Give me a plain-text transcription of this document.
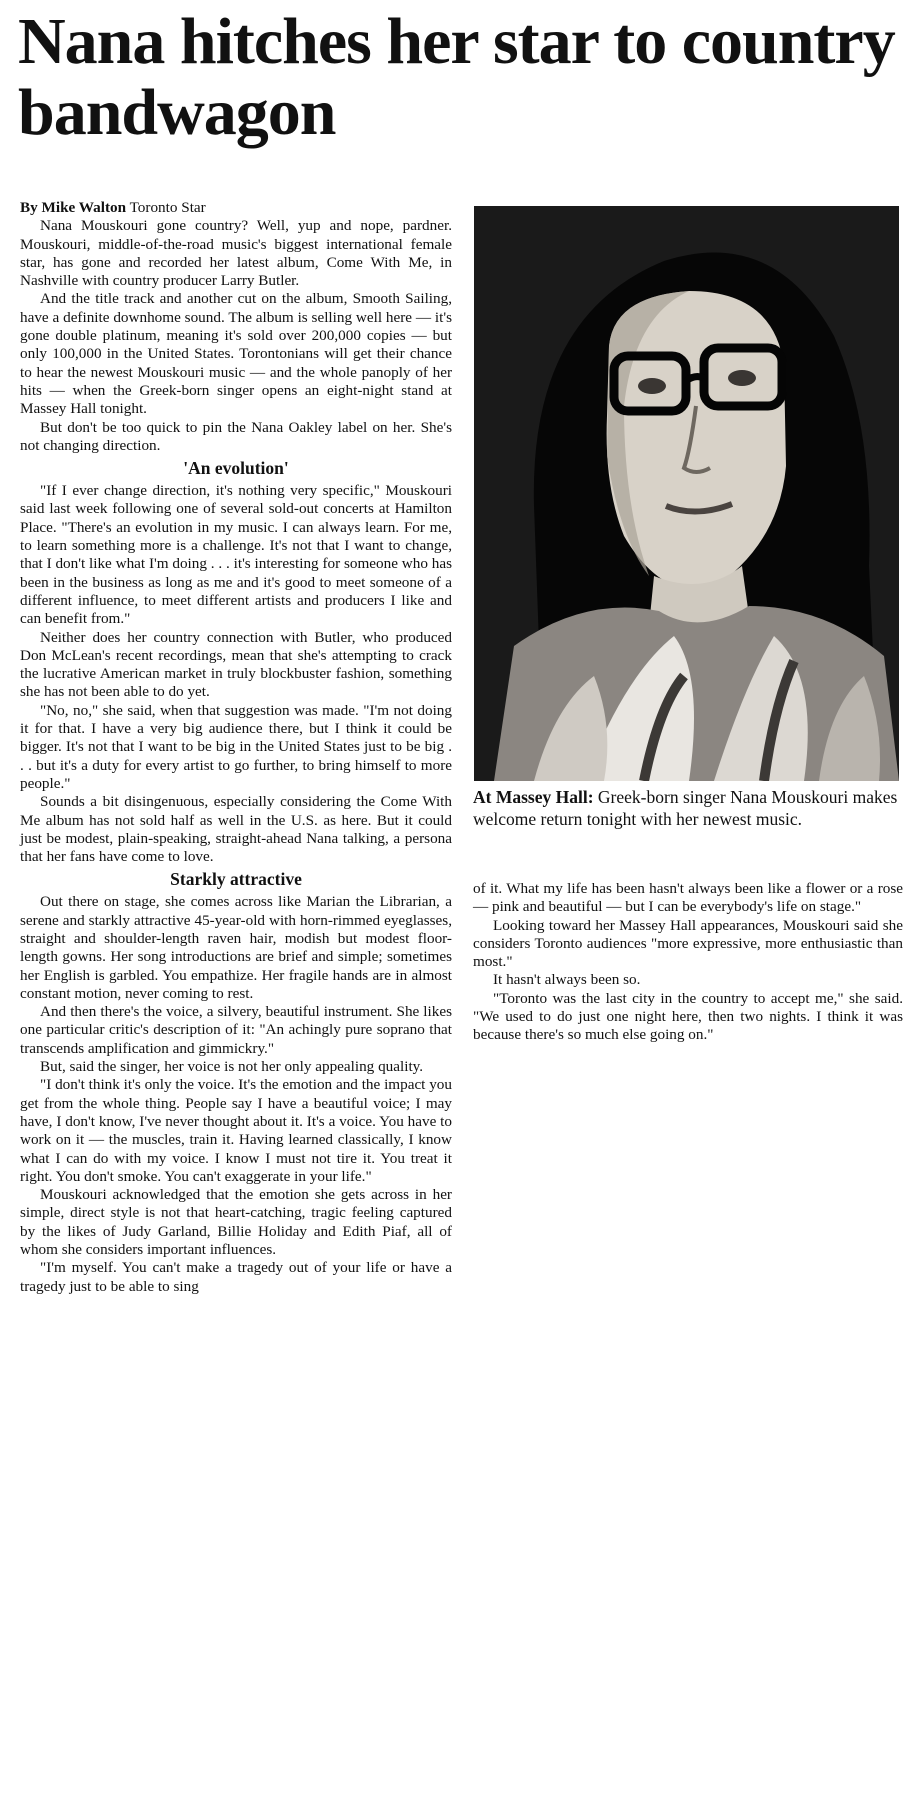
Nana hitches her star to country bandwagon

By Mike Walton Toronto Star

Nana Mouskouri gone country? Well, yup and nope, pardner. Mouskouri, middle-of-the-road music's biggest international female star, has gone and recorded her latest album, Come With Me, in Nashville with country producer Larry Butler.

And the title track and another cut on the album, Smooth Sailing, have a definite downhome sound. The album is selling well here — it's gone double platinum, meaning it's sold over 200,000 copies — but only 100,000 in the United States. Torontonians will get their chance to hear the newest Mouskouri music — and the whole panoply of her hits — when the Greek-born singer opens an eight-night stand at Massey Hall tonight.

But don't be too quick to pin the Nana Oakley label on her. She's not changing direction.

'An evolution'

"If I ever change direction, it's nothing very specific," Mouskouri said last week following one of several sold-out concerts at Hamilton Place. "There's an evolution in my music. I can always learn. For me, to learn something more is a challenge. It's not that I want to change, that I don't like what I'm doing . . . it's interesting for someone who has been in the business as long as me and it's good to meet someone of a different influence, to meet different artists and producers I like and can benefit from."

Neither does her country connection with Butler, who produced Don McLean's recent recordings, mean that she's attempting to crack the lucrative American market in truly blockbuster fashion, something she has not been able to do yet.

"No, no," she said, when that suggestion was made. "I'm not doing it for that. I have a very big audience there, but I think it could be bigger. It's not that I want to be big in the United States just to be big . . . but it's a duty for every artist to go further, to bring himself to more people."

Sounds a bit disingenuous, especially considering the Come With Me album has not sold half as well in the U.S. as here. But it could just be modest, plain-speaking, straight-ahead Nana talking, a persona that her fans have come to love.

Starkly attractive

Out there on stage, she comes across like Marian the Librarian, a serene and starkly attractive 45-year-old with horn-rimmed eyeglasses, straight and shoulder-length raven hair, modish but modest floor-length gowns. Her song introductions are brief and simple; sometimes her English is garbled. You empathize. Her fragile hands are in almost constant motion, never coming to rest.

And then there's the voice, a silvery, beautiful instrument. She likes one particular critic's description of it: "An achingly pure soprano that transcends amplification and gimmickry."

But, said the singer, her voice is not her only appealing quality.

"I don't think it's only the voice. It's the emotion and the impact you get from the whole thing. People say I have a beautiful voice; I may have, I don't know, I've never thought about it. It's a voice. You have to work on it — the muscles, train it. Having learned classically, I know what I can do with my voice. I know I must not tire it. You treat it right. You don't smoke. You can't exaggerate in your life."

Mouskouri acknowledged that the emotion she gets across in her simple, direct style is not that heart-catching, tragic feeling captured by the likes of Judy Garland, Billie Holiday and Edith Piaf, all of whom she considers important influences.

"I'm myself. You can't make a tragedy out of your life or have a tragedy just to be able to sing

At Massey Hall: Greek-born singer Nana Mouskouri makes welcome return tonight with her newest music.

of it. What my life has been hasn't always been like a flower or a rose — pink and beautiful — but I can be everybody's life on stage."

Looking toward her Massey Hall appearances, Mouskouri said she considers Toronto audiences "more expressive, more enthusiastic than most."

It hasn't always been so.

"Toronto was the last city in the country to accept me," she said. "We used to do just one night here, then two nights. I think it was because there's so much else going on."
